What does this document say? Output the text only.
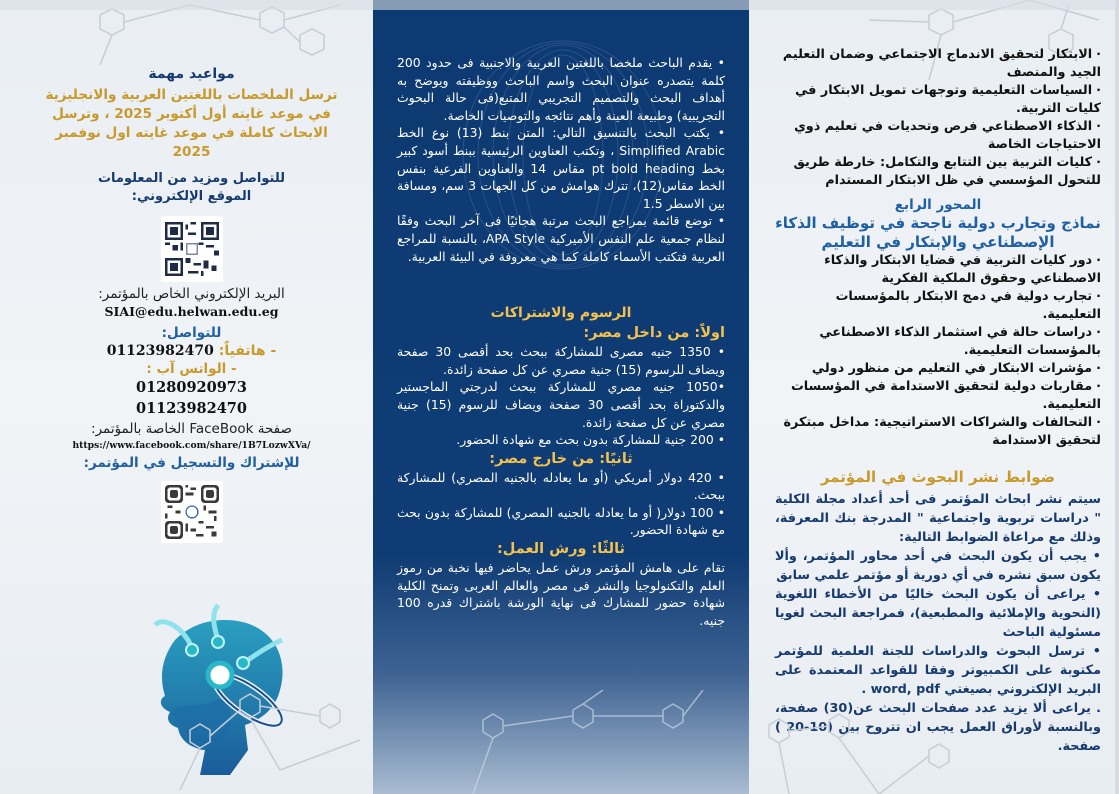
مواعيد مهمة
ترسل الملخصات باللغتين العربية والانجليزية في موعد غايته أول أكتوبر 2025 ، وترسل الابحاث كاملة في موعد غايته اول نوفمبر 2025
للتواصل ومزيد من المعلومات
الموقع الإلكتروني:
البريد الإلكتروني الخاص بالمؤتمر:
SIAI@edu.helwan.edu.eg
للتواصل:
- هاتفياً: 01123982470
- الواتس آب :
01280920973
01123982470
صفحة FaceBook الخاصة بالمؤتمر:
https://www.facebook.com/share/1B7LozwXVa/
للإشتراك والتسجيل في المؤتمر:

• يقدم الباحث ملخصا باللغتين العربية والاجنبية فى حدود 200 كلمة يتصدره عنوان البحث واسم الباحث ووظيفته ويوضح به أهداف البحث والتصميم التجريبي المتبع(فى حالة البحوث التجريبية) وطبيعة العينة وأهم نتائجه والتوصيات الخاصة.

• يكتب البحث بالتنسيق التالي: المتن بنط (13) نوع الخط Simplified Arabic ، وتكتب العناوين الرئيسية ببنط أسود كبير بخط pt bold heading مقاس 14 والعناوين الفرعية بنفس الخط مقاس(12)، تترك هوامش من كل الجهات 3 سم، ومسافة بين الاسطر 1.5

• توضع قائمة بمراجع البحث مرتبة هجائيًا فى آخر البحث وفقًا لنظام جمعية علم النفس الأميركية APA Style، بالنسبة للمراجع العربية فتكتب الأسماء كاملة كما هي معروفة في البيئة العربية.

الرسوم والاشتراكات
اولاً: من داخل مصر:

• 1350 جنيه مصرى للمشاركة ببحث بحد أقصى 30 صفحة ويضاف للرسوم (15) جنية مصري عن كل صفحة زائدة.

•1050 جنيه مصري للمشاركة ببحث لدرجتي الماجستير والدكتوراة بحد أقصى 30 صفحة ويضاف للرسوم (15) جنية مصري عن كل صفحة زائدة.

• 200 جنية للمشاركة بدون بحث مع شهادة الحضور.

ثانيًا: من خارج مصر:

• 420 دولار أمريكي (أو ما يعادله بالجنيه المصري) للمشاركة ببحث.

• 100 دولار( أو ما يعادله بالجنيه المصري) للمشاركة بدون بحث مع شهادة الحضور.

ثالثًا: ورش العمل:
تقام على هامش المؤتمر ورش عمل يحاضر فيها نخبة من رموز العلم والتكنولوجيا والنشر فى مصر والعالم العربى وتمنح الكلية شهادة حضور للمشارك فى نهاية الورشة باشتراك قدره 100 جنيه.
·الابتكار لتحقيق الاندماج الاجتماعي وضمان التعليم الجيد والمنصف
·السياسات التعليمية وتوجهات تمويل الابتكار في كليات التربية.
·الذكاء الاصطناعي فرص وتحديات في تعليم ذوي الاحتياجات الخاصة
·كليات التربية بين التتابع والتكامل: خارطة طريق للتحول المؤسسي في ظل الابتكار المستدام
المحور الرابع
نماذج وتجارب دولية ناجحة في توظيف الذكاء الإصطناعي والإبتكار في التعليم
·دور كليات التربية في قضايا الابتكار والذكاء الاصطناعي وحقوق الملكية الفكرية
·تجارب دولية في دمج الابتكار بالمؤسسات التعليمية.
·دراسات حالة في استثمار الذكاء الاصطناعي بالمؤسسات التعليمية.
·مؤشرات الابتكار في التعليم من منظور دولي
·مقاربات دولية لتحقيق الاستدامة في المؤسسات التعليمية.
·التحالفات والشراكات الاستراتيجية: مداخل مبتكرة لتحقيق الاستدامة
ضوابط نشر البحوث في المؤتمر
سيتم نشر ابحاث المؤتمر فى أحد أعداد مجلة الكلية " دراسات تربوية واجتماعية " المدرجة بنك المعرفة، وذلك مع مراعاة الضوابط التالية:
• يجب أن يكون البحث في أحد محاور المؤتمر، وألا يكون سبق نشره في أي دورية أو مؤتمر علمي سابق
• يراعى أن يكون البحث خاليًا من الأخطاء اللغوية (النحوية والإملائية والمطبعية)، فمراجعة البحث لغويا مسئولية الباحث
• ترسل البحوث والدراسات للجنة العلمية للمؤتمر مكتوبة على الكمبيوتر وفقا للقواعد المعتمدة على البريد الإلكتروني بصيغتي word, pdf .
. يراعى ألا يزيد عدد صفحات البحث عن(30) صفحة، وبالنسبة لأوراق العمل يجب ان تتروح بين (10-20 ) صفحة.
